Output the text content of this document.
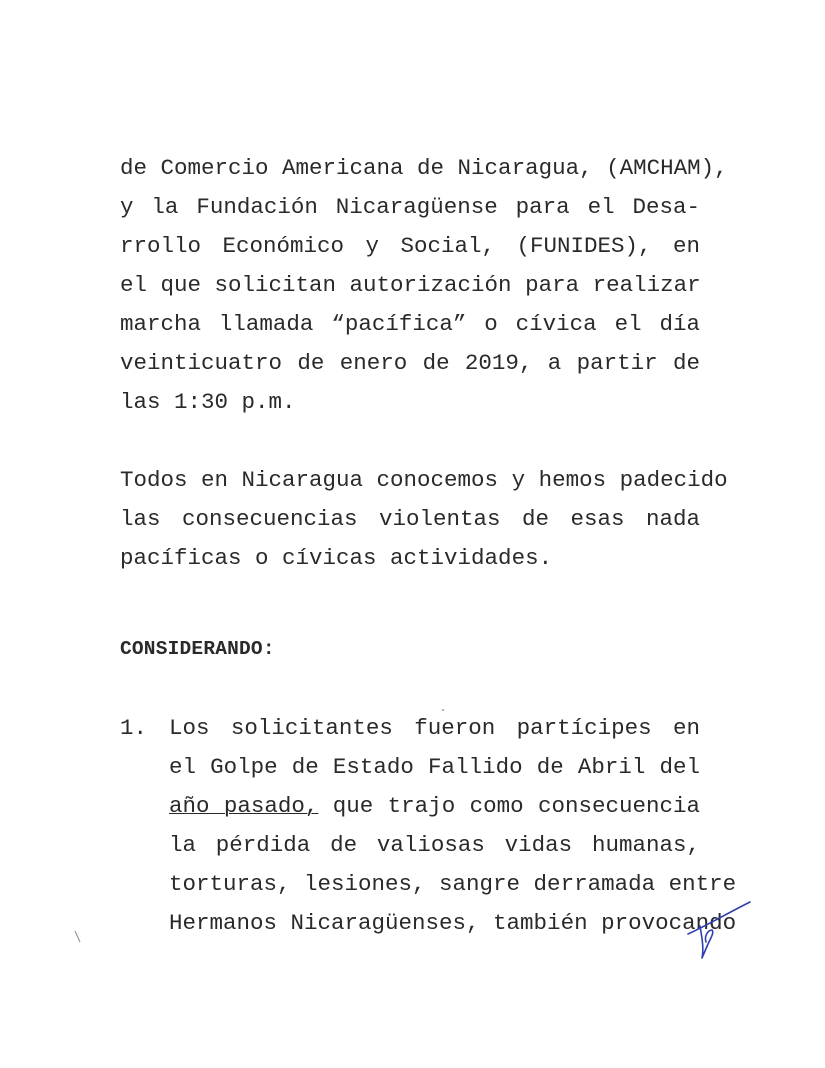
de Comercio Americana de Nicaragua, (AMCHAM),
y la Fundación Nicaragüense para el Desa-
rrollo Económico y Social, (FUNIDES), en
el que solicitan autorización para realizar
marcha llamada “pacífica” o cívica el día
veinticuatro de enero de 2019, a partir de
las 1:30 p.m.
Todos en Nicaragua conocemos y hemos padecido
las consecuencias violentas de esas nada
pacíficas o cívicas actividades.
CONSIDERANDO:
1. Los solicitantes fueron partícipes en
el Golpe de Estado Fallido de Abril del
año pasado, que trajo como consecuencia
la pérdida de valiosas vidas humanas,
torturas, lesiones, sangre derramada entre
Hermanos Nicaragüenses, también provocando
